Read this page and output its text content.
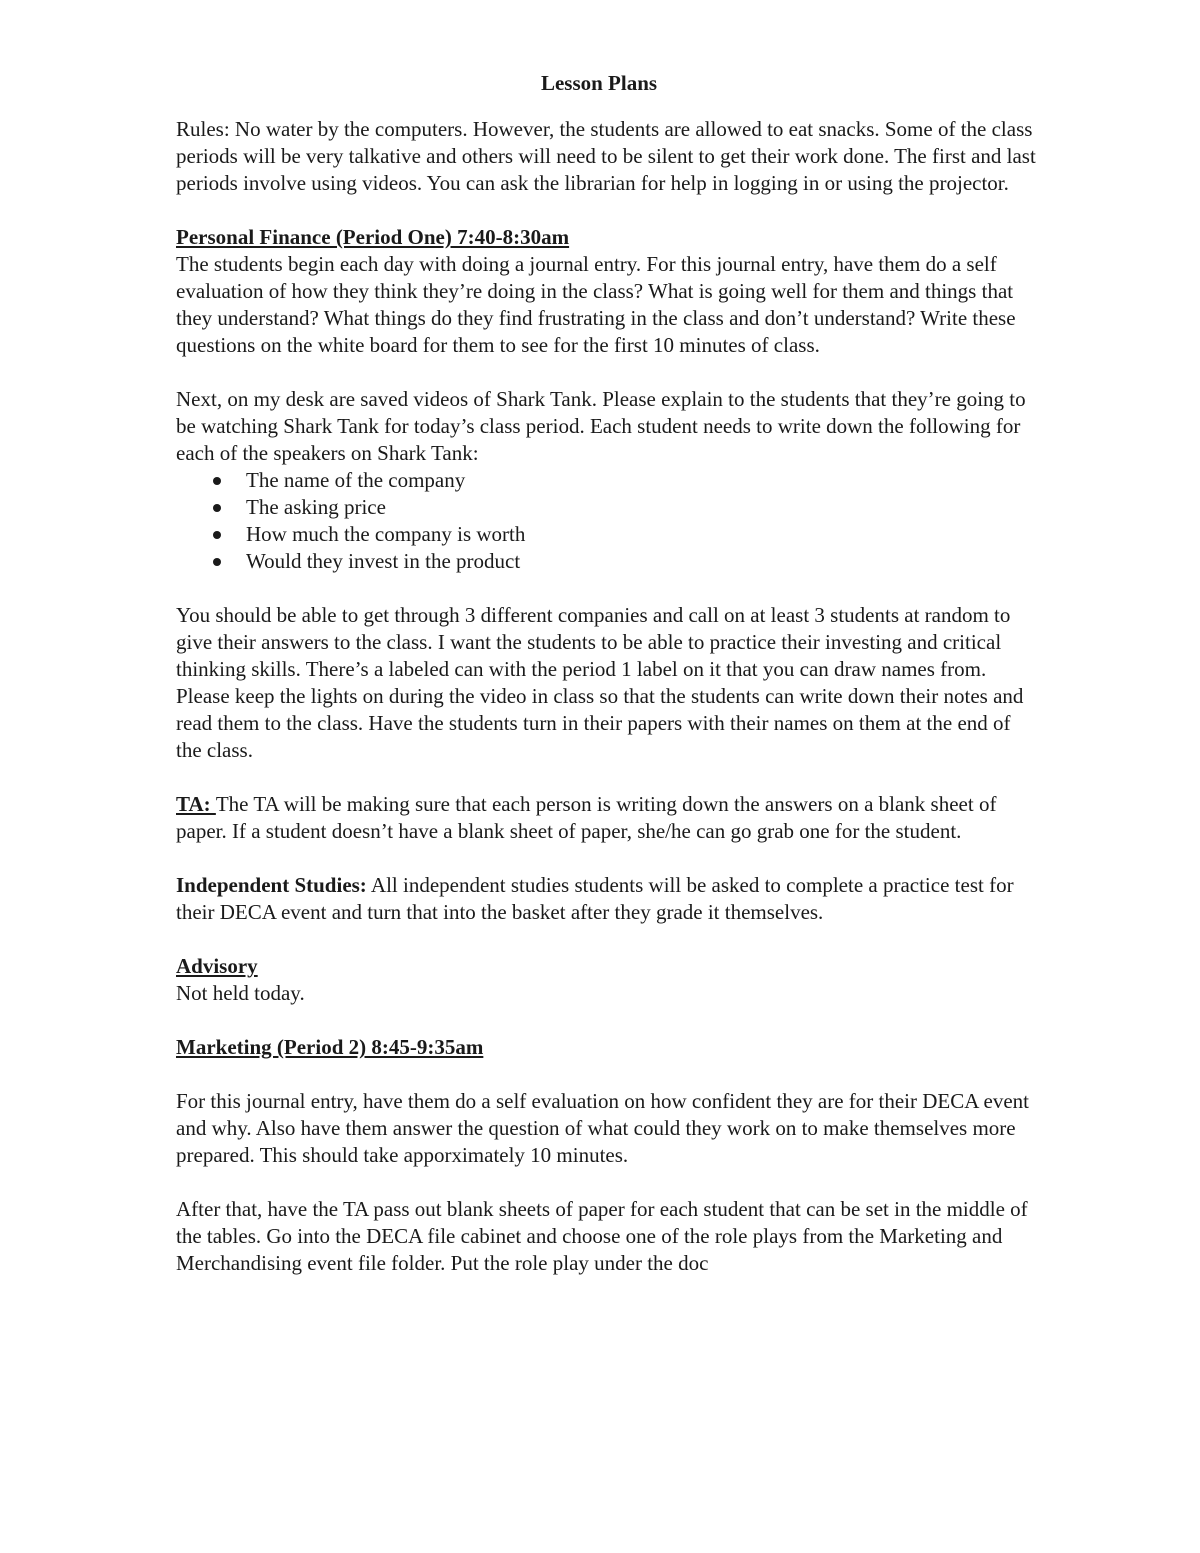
Lesson Plans

Rules: No water by the computers. However, the students are allowed to eat snacks. Some of the class periods will be very talkative and others will need to be silent to get their work done. The first and last periods involve using videos. You can ask the librarian for help in logging in or using the projector.

Personal Finance (Period One) 7:40-8:30am

The students begin each day with doing a journal entry. For this journal entry, have them do a self evaluation of how they think they’re doing in the class? What is going well for them and things that they understand? What things do they find frustrating in the class and don’t understand? Write these questions on the white board for them to see for the first 10 minutes of class.

Next, on my desk are saved videos of Shark Tank. Please explain to the students that they’re going to be watching Shark Tank for today’s class period. Each student needs to write down the following for each of the speakers on Shark Tank:

The name of the company
The asking price
How much the company is worth
Would they invest in the product

You should be able to get through 3 different companies and call on at least 3 students at random to give their answers to the class. I want the students to be able to practice their investing and critical thinking skills. There’s a labeled can with the period 1 label on it that you can draw names from. Please keep the lights on during the video in class so that the students can write down their notes and read them to the class. Have the students turn in their papers with their names on them at the end of the class.

TA: The TA will be making sure that each person is writing down the answers on a blank sheet of paper. If a student doesn’t have a blank sheet of paper, she/he can go grab one for the student.

Independent Studies: All independent studies students will be asked to complete a practice test for their DECA event and turn that into the basket after they grade it themselves.

Advisory

Not held today.

Marketing (Period 2) 8:45-9:35am

For this journal entry, have them do a self evaluation on how confident they are for their DECA event and why. Also have them answer the question of what could they work on to make themselves more prepared. This should take apporximately 10 minutes.

After that, have the TA pass out blank sheets of paper for each student that can be set in the middle of the tables. Go into the DECA file cabinet and choose one of the role plays from the Marketing and Merchandising event file folder. Put the role play under the doc
